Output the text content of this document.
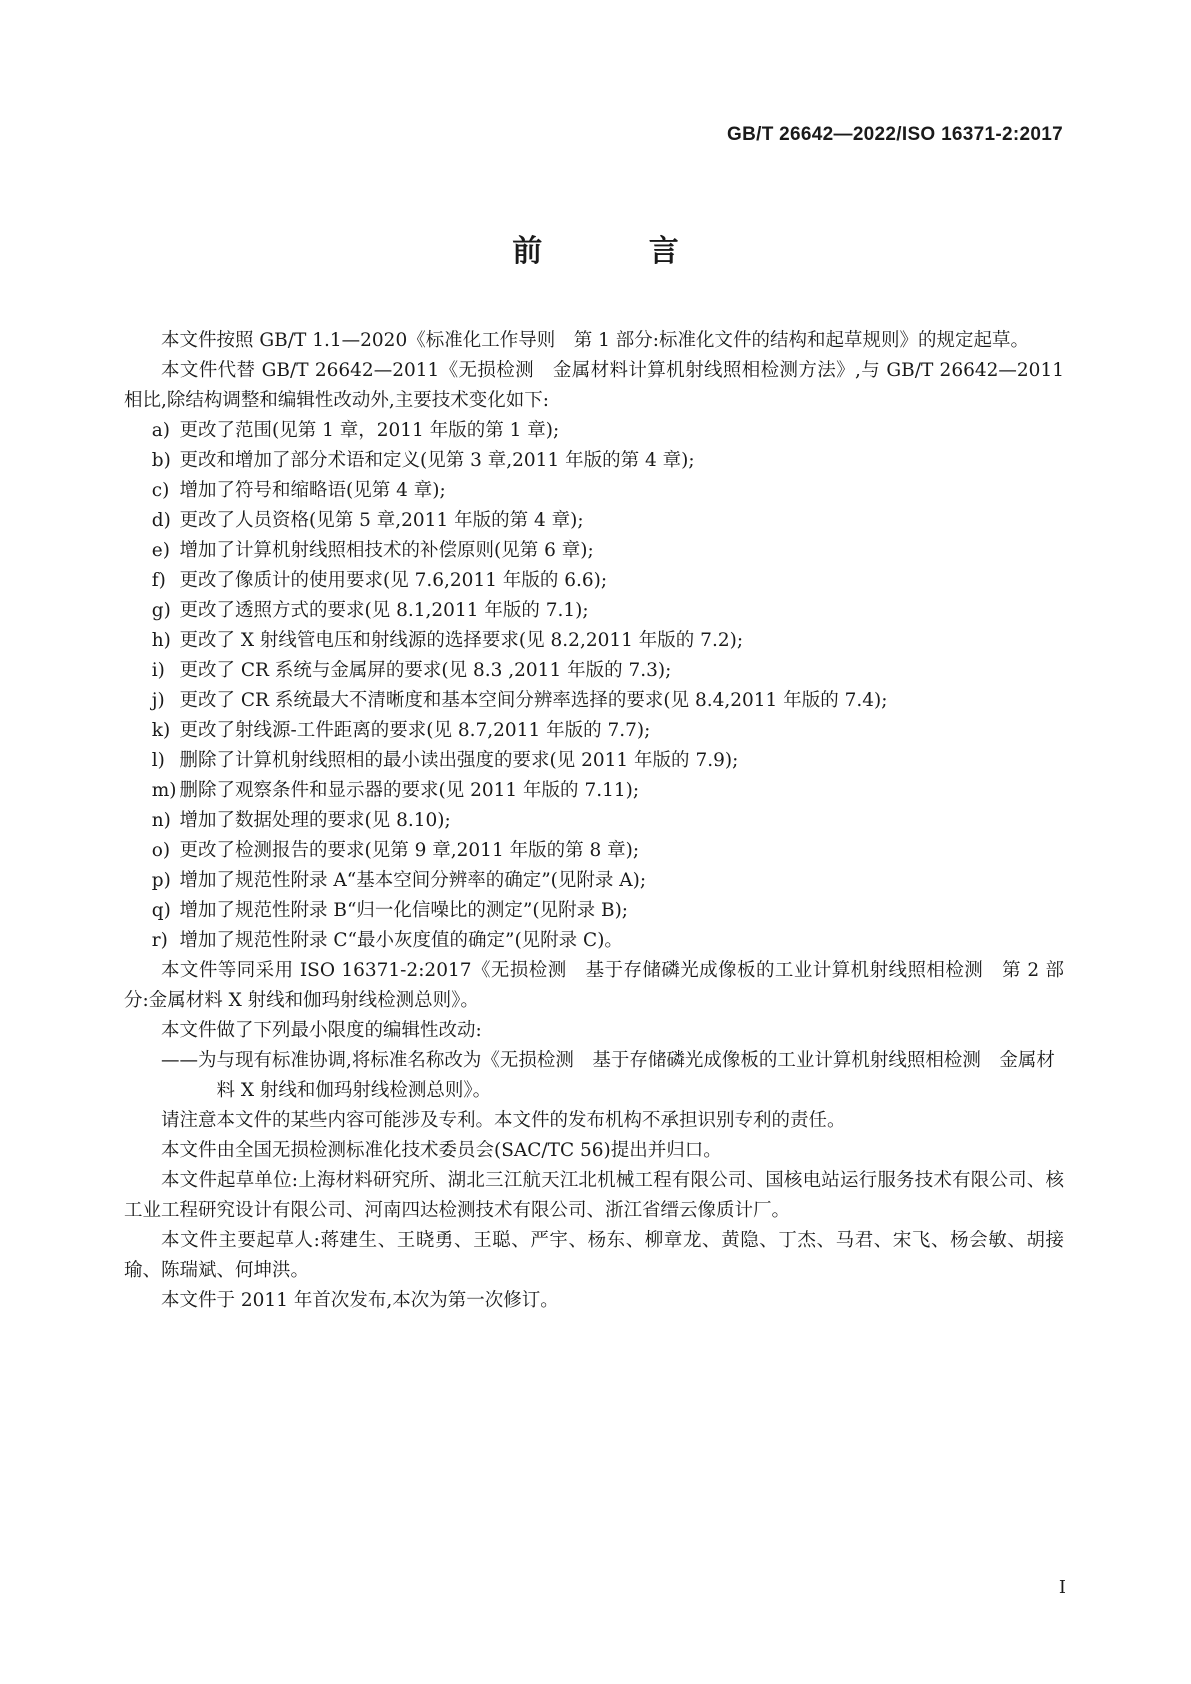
GB/T 26642—2022/ISO 16371-2:2017
前 言

本文件按照 GB/T 1.1—2020《标准化工作导则　第 1 部分:标准化文件的结构和起草规则》的规定起草。

本文件代替 GB/T 26642—2011《无损检测　金属材料计算机射线照相检测方法》,与 GB/T 26642—2011 相比,除结构调整和编辑性改动外,主要技术变化如下:

a) 更改了范围(见第 1 章，2011 年版的第 1 章);

b) 更改和增加了部分术语和定义(见第 3 章,2011 年版的第 4 章);

c) 增加了符号和缩略语(见第 4 章);

d) 更改了人员资格(见第 5 章,2011 年版的第 4 章);

e) 增加了计算机射线照相技术的补偿原则(见第 6 章);

f) 更改了像质计的使用要求(见 7.6,2011 年版的 6.6);

g) 更改了透照方式的要求(见 8.1,2011 年版的 7.1);

h) 更改了 X 射线管电压和射线源的选择要求(见 8.2,2011 年版的 7.2);

i) 更改了 CR 系统与金属屏的要求(见 8.3 ,2011 年版的 7.3);

j) 更改了 CR 系统最大不清晰度和基本空间分辨率选择的要求(见 8.4,2011 年版的 7.4);

k) 更改了射线源-工件距离的要求(见 8.7,2011 年版的 7.7);

l) 删除了计算机射线照相的最小读出强度的要求(见 2011 年版的 7.9);

m) 删除了观察条件和显示器的要求(见 2011 年版的 7.11);

n) 增加了数据处理的要求(见 8.10);

o) 更改了检测报告的要求(见第 9 章,2011 年版的第 8 章);

p) 增加了规范性附录 A“基本空间分辨率的确定”(见附录 A);

q) 增加了规范性附录 B“归一化信噪比的测定”(见附录 B);

r) 增加了规范性附录 C“最小灰度值的确定”(见附录 C)。

本文件等同采用 ISO 16371-2:2017《无损检测　基于存储磷光成像板的工业计算机射线照相检测　第 2 部分:金属材料 X 射线和伽玛射线检测总则》。

本文件做了下列最小限度的编辑性改动:

——为与现有标准协调,将标准名称改为《无损检测　基于存储磷光成像板的工业计算机射线照相检测　金属材料 X 射线和伽玛射线检测总则》。

请注意本文件的某些内容可能涉及专利。本文件的发布机构不承担识别专利的责任。

本文件由全国无损检测标准化技术委员会(SAC/TC 56)提出并归口。

本文件起草单位:上海材料研究所、湖北三江航天江北机械工程有限公司、国核电站运行服务技术有限公司、核工业工程研究设计有限公司、河南四达检测技术有限公司、浙江省缙云像质计厂。

本文件主要起草人:蒋建生、王晓勇、王聪、严宇、杨东、柳章龙、黄隐、丁杰、马君、宋飞、杨会敏、胡接瑜、陈瑞斌、何坤洪。

本文件于 2011 年首次发布,本次为第一次修订。

I
